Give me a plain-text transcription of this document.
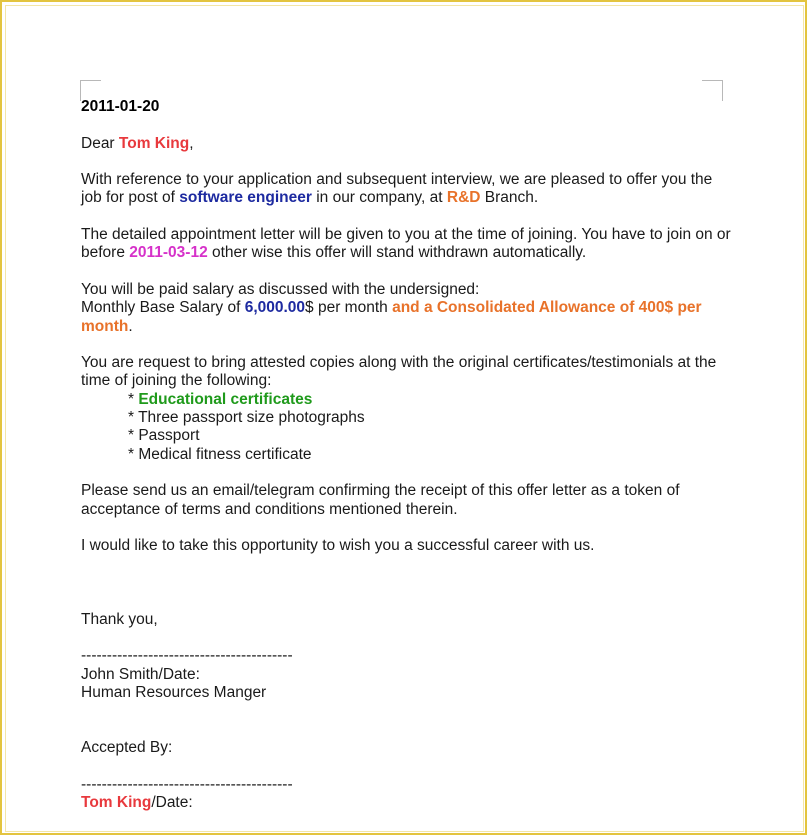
2011-01-20

Dear Tom King,

With reference to your application and subsequent interview, we are pleased to offer you the job for post of software engineer in our company, at R&D Branch.

The detailed appointment letter will be given to you at the time of joining. You have to join on or before 2011-03-12 other wise this offer will stand withdrawn automatically.

You will be paid salary as discussed with the undersigned:
Monthly Base Salary of 6,000.00$ per month and a Consolidated Allowance of 400$ per month.

You are request to bring attested copies along with the original certificates/testimonials at the time of joining the following:
* Educational certificates
* Three passport size photographs
* Passport
* Medical fitness certificate

Please send us an email/telegram confirming the receipt of this offer letter as a token of acceptance of terms and conditions mentioned therein.

I would like to take this opportunity to wish you a successful career with us.

Thank you,

-----------------------------------------
John Smith/Date:
Human Resources Manger

Accepted By:

-----------------------------------------
Tom King/Date:
